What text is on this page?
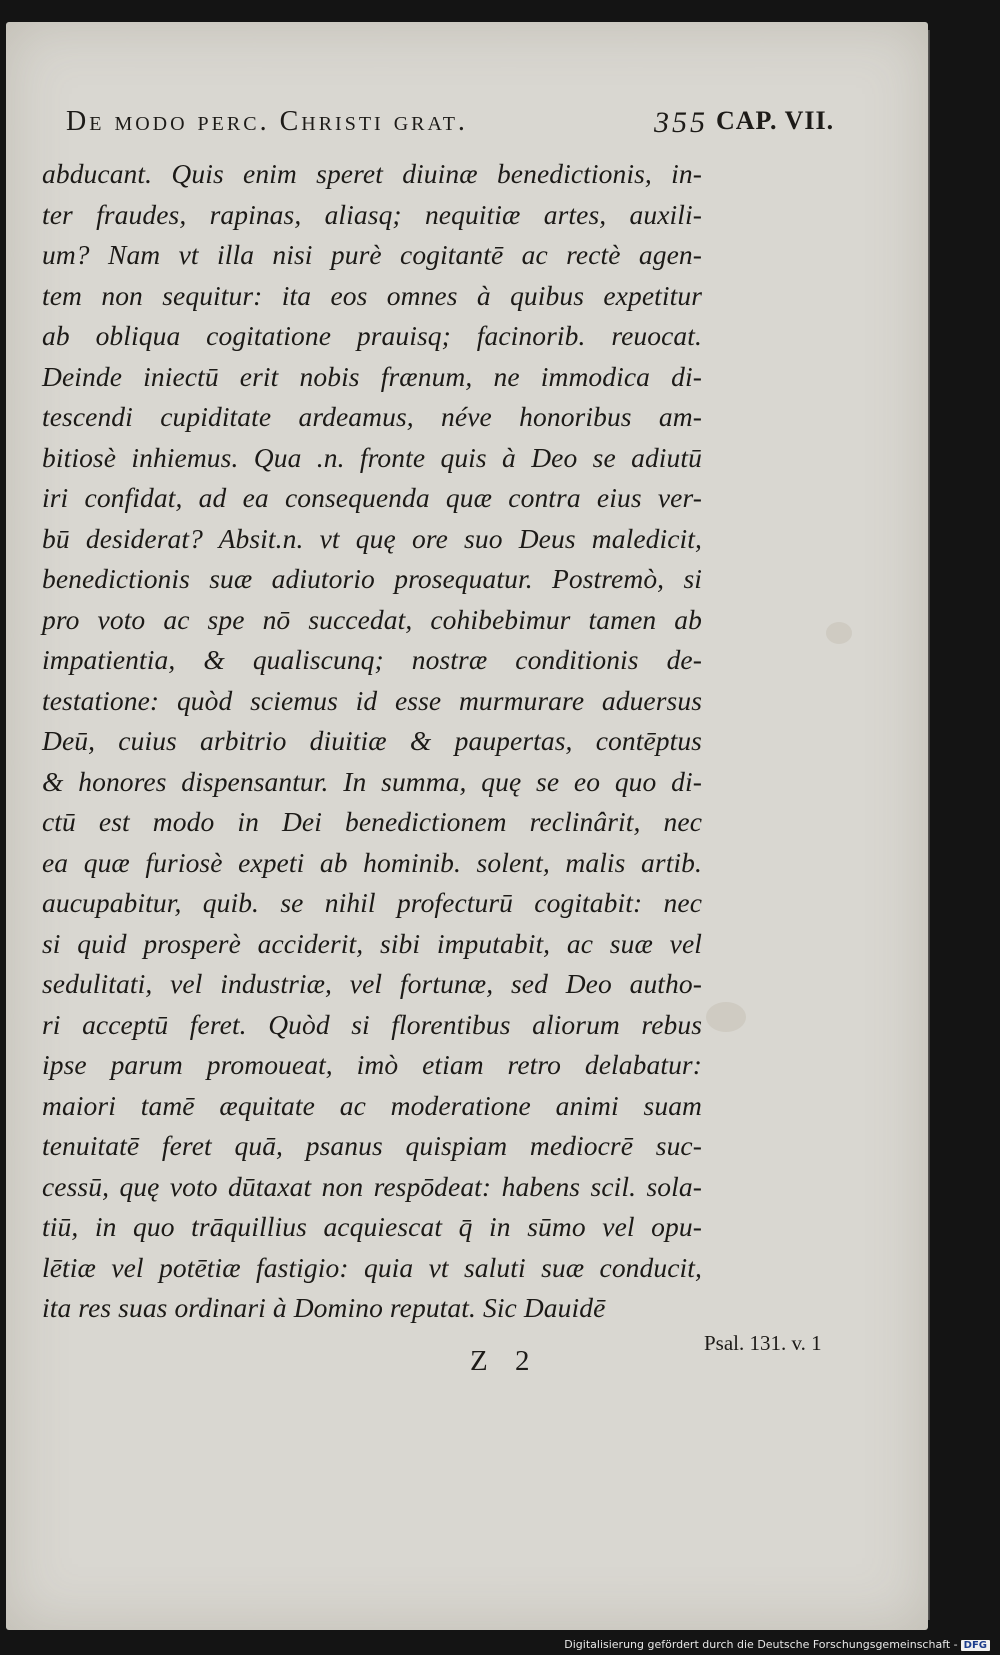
De modo perc. Christi grat.	355 CAP. VII.
abducant. Quis enim speret diuinæ benedictionis, in-
ter fraudes, rapinas, aliasq; nequitiæ artes, auxili-
um? Nam vt illa nisi purè cogitantē ac rectè agen-
tem non sequitur: ita eos omnes à quibus expetitur
ab obliqua cogitatione prauisq; facinorib. reuocat.
Deinde iniectū erit nobis frænum, ne immodica di-
tescendi cupiditate ardeamus, néve honoribus am-
bitiosè inhiemus. Qua .n. fronte quis à Deo se adiutū
iri confidat, ad ea consequenda quæ contra eius ver-
bū desiderat? Absit.n. vt quę ore suo Deus maledicit,
benedictionis suæ adiutorio prosequatur. Postremò, si
pro voto ac spe nō succedat, cohibebimur tamen ab
impatientia, & qualiscunq; nostræ conditionis de-
testatione: quòd sciemus id esse murmurare aduersus
Deū, cuius arbitrio diuitiæ & paupertas, contēptus
& honores dispensantur. In summa, quę se eo quo di-
ctū est modo in Dei benedictionem reclinârit, nec
ea quæ furiosè expeti ab hominib. solent, malis artib.
aucupabitur, quib. se nihil profecturū cogitabit: nec
si quid prosperè acciderit, sibi imputabit, ac suæ vel
sedulitati, vel industriæ, vel fortunæ, sed Deo autho-
ri acceptū feret. Quòd si florentibus aliorum rebus
ipse parum promoueat, imò etiam retro delabatur:
maiori tamē æquitate ac moderatione animi suam
tenuitatē feret quā, psanus quispiam mediocrē suc-
cessū, quę voto dūtaxat non respōdeat: habens scil. sola-
tiū, in quo trāquillius acquiescat q̄ in sūmo vel opu-
lētiæ vel potētiæ fastigio: quia vt saluti suæ conducit,
ita res suas ordinari à Domino reputat. Sic Dauidē
Psal. 131. v. 1
Z 2
Digitalisierung gefördert durch die Deutsche Forschungsgemeinschaft - DFG
